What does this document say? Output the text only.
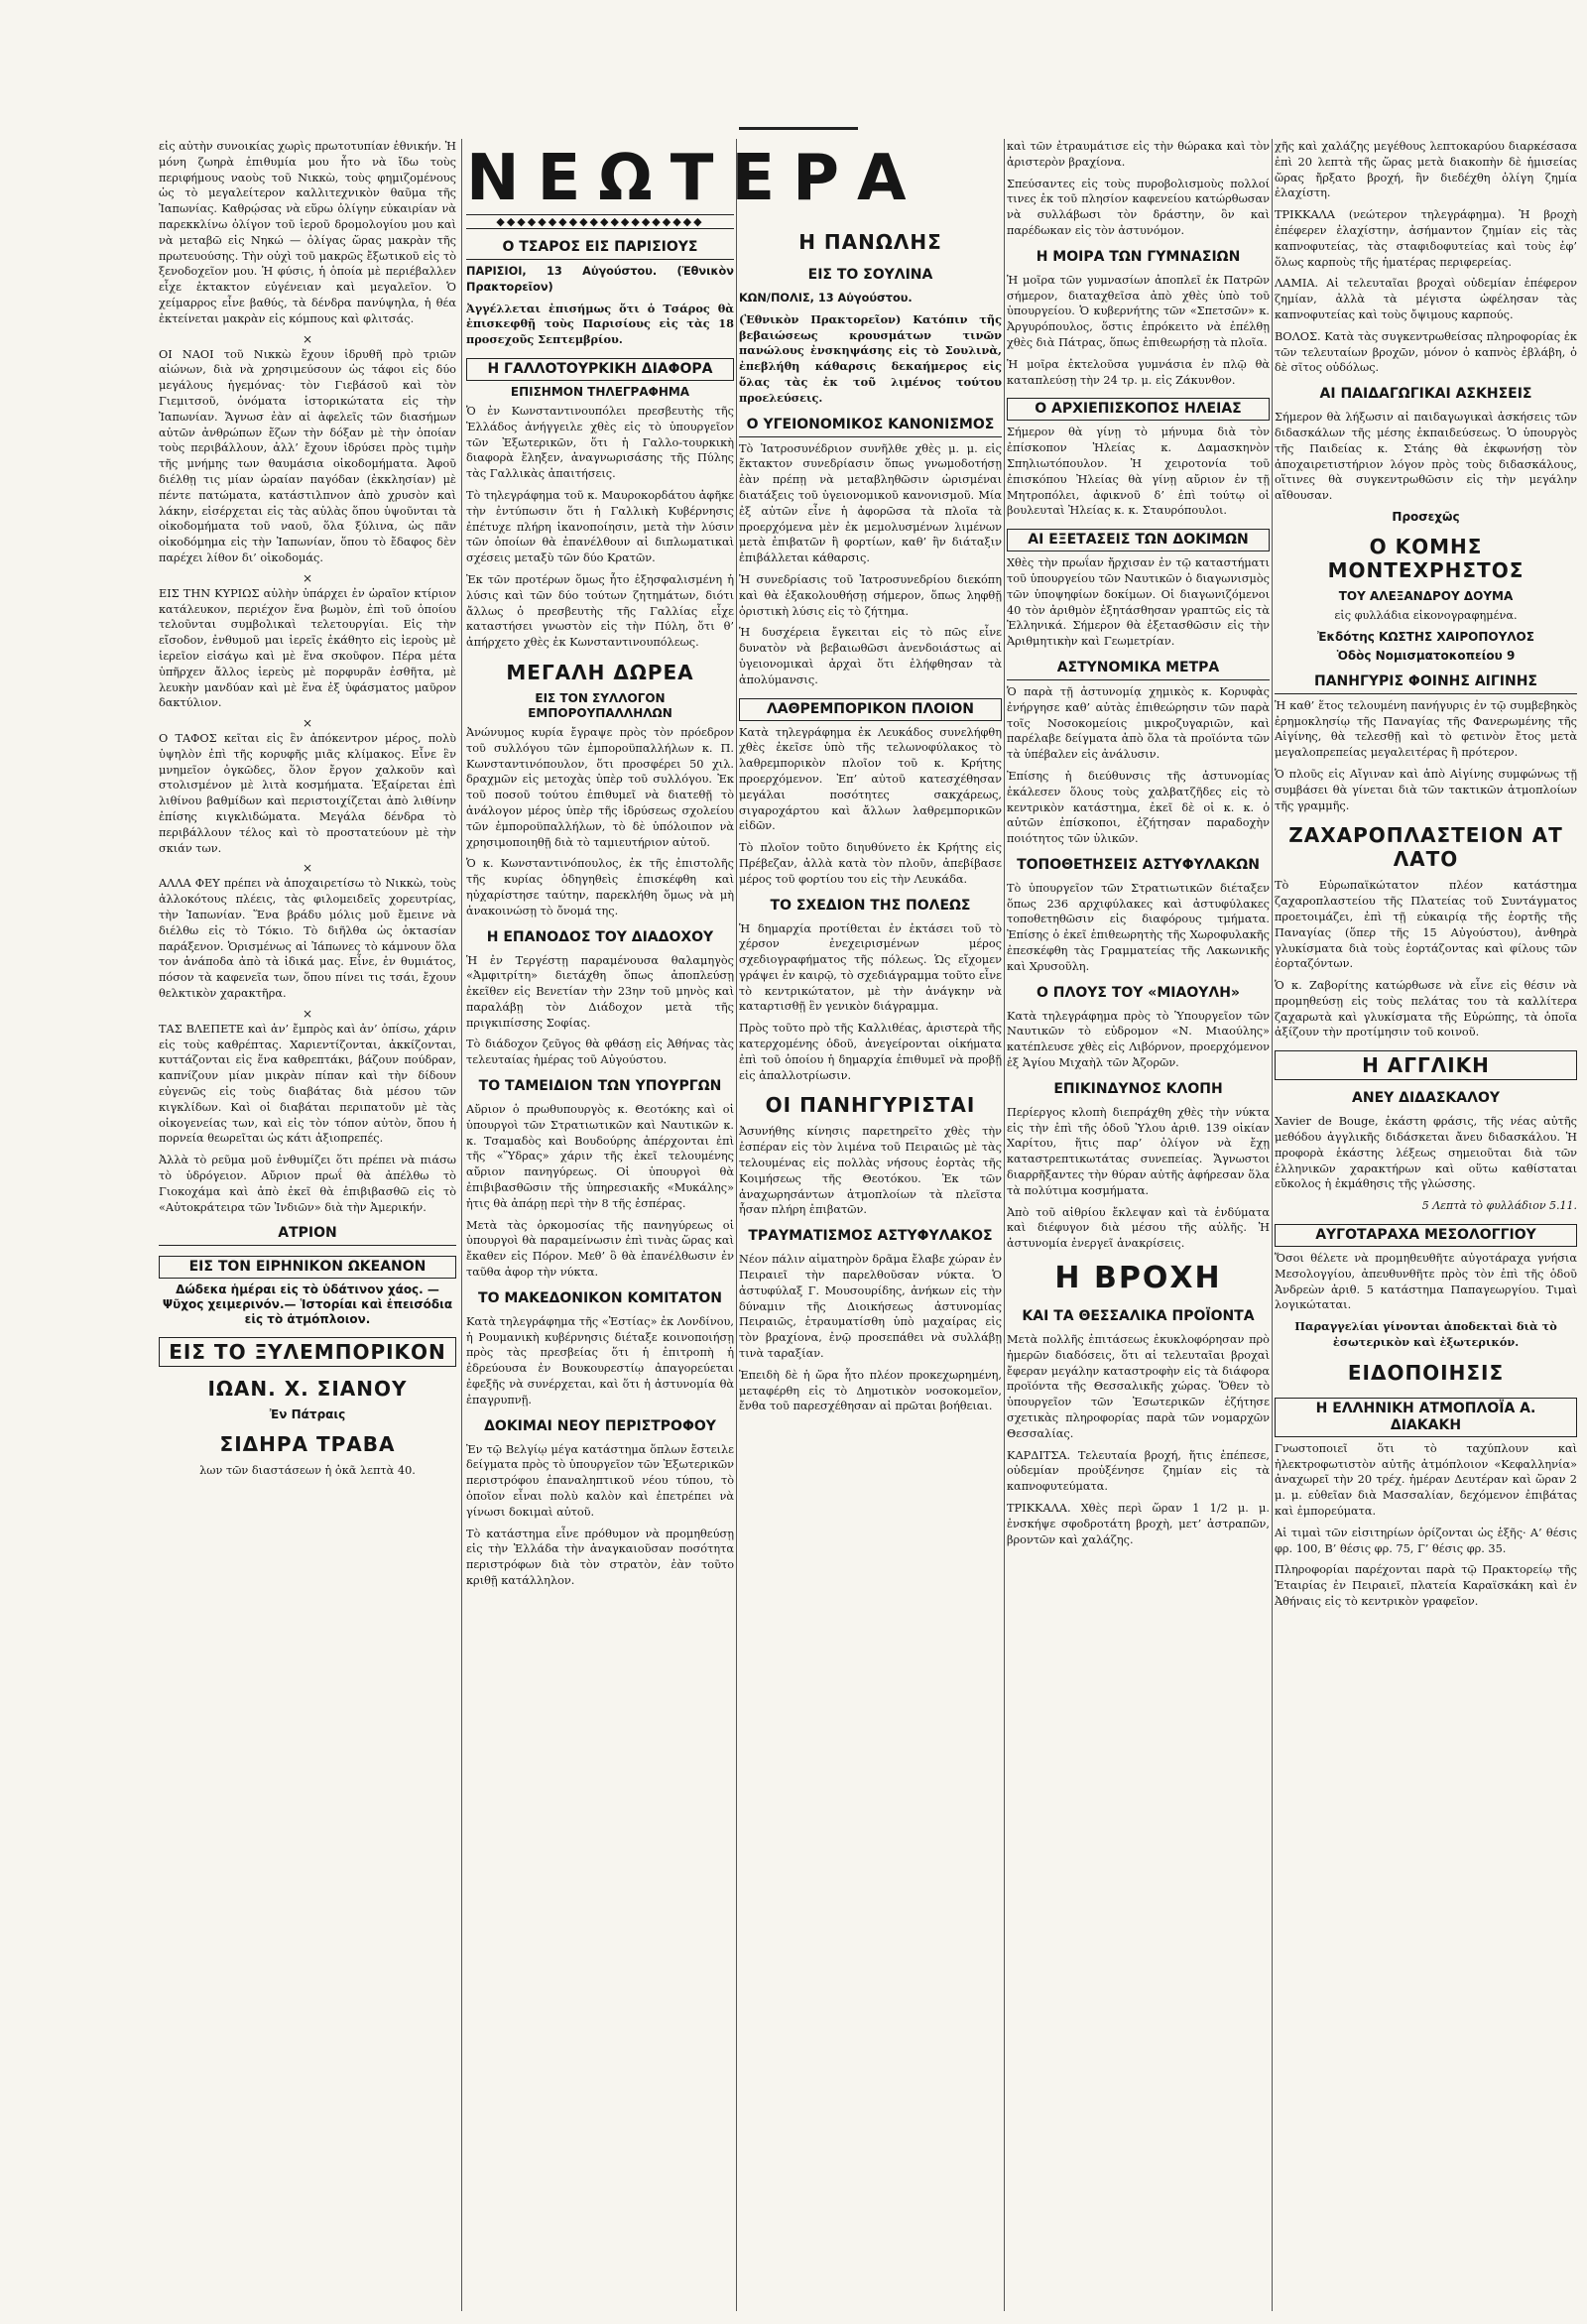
εἰς αὐτὴν συνοικίας χωρὶς πρωτοτυπίαν ἐθνικήν. Ἡ μόνη ζωηρὰ ἐπιθυμία μου ἦτο νὰ ἴδω τοὺς περιφήμους ναοὺς τοῦ Νικκὼ, τοὺς φημιζομένους ὡς τὸ μεγαλείτερον καλλιτεχνικὸν θαῦμα τῆς Ἰαπωνίας. Καθρῴσας νὰ εὕρω ὀλίγην εὐκαιρίαν νὰ παρεκκλίνω ὀλίγον τοῦ ἱεροῦ δρομολογίου μου καὶ νὰ μεταβῶ εἰς Νηκώ — ὀλίγας ὥρας μακρὰν τῆς πρωτευούσης. Τὴν οὐχὶ τοῦ μακρῶς ἔξωτικοῦ εἰς τὸ ξενοδοχεῖον μου. Ἡ φύσις, ἡ ὁποία μὲ περιέβαλλεν εἶχε ἐκτακτον εὐγένειαν καὶ μεγαλεῖον. Ὁ χείμαρρος εἶνε βαθύς, τὰ δένδρα πανύψηλα, ἡ θέα ἐκτείνεται μακρὰν εἰς κόμπους καὶ φλιτσάς.

×

ΟΙ ΝΑΟΙ τοῦ Νικκὼ ἔχουν ἱδρυθῆ πρὸ τριῶν αἰώνων, διὰ νὰ χρησιμεύσουν ὡς τάφοι εἰς δύο μεγάλους ἡγεμόνας· τὸν Γιεβάσοῦ καὶ τὸν Γιεμιτσοῦ, ὀνόματα ἱστορικώτατα εἰς τὴν Ἰαπωνίαν. Ἄγνωσ ἐὰν αἱ ἀφελεῖς τῶν διασήμων αὐτῶν ἀνθρώπων ἔζων τὴν δόξαν μὲ τὴν ὁποίαν τοὺς περιβάλλουν, ἀλλ’ ἔχουν ἱδρύσει πρὸς τιμὴν τῆς μνήμης των θαυμάσια οἰκοδομήματα. Ἀφοῦ διέλθῃ τις μίαν ὡραίαν παγόδαν (ἐκκλησίαν) μὲ πέντε πατώματα, κατάστιλπνον ἀπὸ χρυσὸν καὶ λάκην, εἰσέρχεται εἰς τὰς αὐλὰς ὅπου ὑψοῦνται τὰ οἰκοδομήματα τοῦ ναοῦ, ὅλα ξύλινα, ὡς πᾶν οἰκοδόμημα εἰς τὴν Ἰαπωνίαν, ὅπου τὸ ἔδαφος δὲν παρέχει λίθον δι’ οἰκοδομάς.

×

ΕΙΣ ΤΗΝ ΚΥΡΙΩΣ αὐλὴν ὑπάρχει ἐν ὡραῖον κτίριον κατάλευκον, περιέχον ἕνα βωμὸν, ἐπὶ τοῦ ὁποίου τελοῦνται συμβολικαὶ τελετουργίαι. Εἰς τὴν εἴσοδον, ἐνθυμοῦ μαι ἱερεῖς ἐκάθητο εἰς ἱεροὺς μὲ ἱερεῖον εἰσάγω καὶ μὲ ἕνα σκοῦφον. Πέρα μέτα ὑπῆρχεν ἄλλος ἱερεὺς μὲ πορφυρᾶν ἐσθῆτα, μὲ λευκὴν μανδύαν καὶ μὲ ἕνα ἐξ ὑφάσματος μαῦρον δακτύλιον.

×

Ο ΤΑΦΟΣ κεῖται εἰς ἓν ἀπόκεντρον μέρος, πολὺ ὑψηλὸν ἐπὶ τῆς κορυφῆς μιᾶς κλίμακος. Εἶνε ἓν μνημεῖον ὀγκῶδες, ὅλον ἔργον χαλκοῦν καὶ στολισμένον μὲ λιτὰ κοσμήματα. Ἐξαίρεται ἐπὶ λιθίνου βαθμίδων καὶ περιστοιχίζεται ἀπὸ λιθίνην ἐπίσης κιγκλιδώματα. Μεγάλα δένδρα τὸ περιβάλλουν τέλος καὶ τὸ προστατεύουν μὲ τὴν σκιάν των.

×

ΑΛΛΑ ΦΕΥ πρέπει νὰ ἀποχαιρετίσω τὸ Νικκὼ, τοὺς ἀλλοκότους πλέεις, τὰς φιλομειδεῖς χορευτρίας, τὴν Ἰαπωνίαν. Ἕνα βράδυ μόλις μοῦ ἔμεινε νὰ διέλθω εἰς τὸ Τόκιο. Τὸ διῆλθα ὡς ὀκτασίαν παράξενον. Ὁρισμένως αἱ Ἰάπωνες τὸ κάμνουν ὅλα τον ἀνάποδα ἀπὸ τὰ ἰδικά μας. Εἶνε, ἐν θυμιάτος, πόσον τὰ καφενεῖα των, ὅπου πίνει τις τσάι, ἔχουν θελκτικὸν χαρακτῆρα.

×

ΤΑΣ ΒΛΕΠΕΤΕ καὶ ἀν’ ἔμπρὸς καὶ ἀν’ ὀπίσω, χάριν εἰς τοὺς καθρέπτας. Χαριεντίζονται, ἀκκίζονται, κυττάζονται εἰς ἕνα καθρεπτάκι, βάζουν πούδραν, καπνίζουν μίαν μικρὰν πίπαν καὶ τὴν δίδουν εὐγενῶς εἰς τοὺς διαβάτας διὰ μέσου τῶν κιγκλίδων. Καὶ οἱ διαβάται περιπατοῦν μὲ τὰς οἰκογενείας των, καὶ εἰς τὸν τόπον αὐτὸν, ὅπου ἡ πορνεία θεωρεῖται ὡς κάτι ἀξιοπρεπές.

Ἀλλὰ τὸ ρεῦμα μοῦ ἐνθυμίζει ὅτι πρέπει νὰ πιάσω τὸ ὑδρόγειον. Αὔριον πρωΐ θὰ ἀπέλθω τὸ Γιοκοχάμα καὶ ἀπὸ ἐκεῖ θὰ ἐπιβιβασθῶ εἰς τὸ «Αὐτοκράτειρα τῶν Ἰνδιῶν» διὰ τὴν Ἀμερικήν.

ΑΤΡΙΟΝ
ΕΙΣ ΤΟΝ ΕΙΡΗΝΙΚΟΝ ΩΚΕΑΝΟΝ
Δώδεκα ἡμέραι εἰς τὸ ὑδάτινον χάος. —Ψῦχος χειμερινόν.— Ἱστορίαι καὶ ἐπεισόδια εἰς τὸ ἀτμόπλοιον.
ΕΙΣ ΤΟ ΞΥΛΕΜΠΟΡΙΚΟΝ
ΙΩΑΝ. Χ. ΣΙΑΝΟΥ
Ἐν Πάτραις
ΣΙΔΗΡΑ ΤΡΑΒΑ

λων τῶν διαστάσεων ἡ ὀκᾶ λεπτὰ 40.

ΝΕΩΤΕΡΑ
◆◆◆◆◆◆◆◆◆◆◆◆◆◆◆◆◆◆◆◆
Ο ΤΣΑΡΟΣ ΕΙΣ ΠΑΡΙΣΙΟΥΣ

ΠΑΡΙΣΙΟΙ, 13 Αὐγούστου. (Ἐθνικὸν Πρακτορεῖον)

Ἀγγέλλεται ἐπισήμως ὅτι ὁ Τσάρος θὰ ἐπισκεφθῇ τοὺς Παρισίους εἰς τὰς 18 προσεχοῦς Σεπτεμβρίου.

Η ΓΑΛΛΟΤΟΥΡΚΙΚΗ ΔΙΑΦΟΡΑ
ΕΠΙΣΗΜΟΝ ΤΗΛΕΓΡΑΦΗΜΑ

Ὁ ἐν Κωνσταντινουπόλει πρεσβευτὴς τῆς Ἑλλάδος ἀνήγγειλε χθὲς εἰς τὸ ὑπουργεῖον τῶν Ἐξωτερικῶν, ὅτι ἡ Γαλλο-τουρκικὴ διαφορὰ ἔληξεν, ἀναγνωρισάσης τῆς Πύλης τὰς Γαλλικὰς ἀπαιτήσεις.

Τὸ τηλεγράφημα τοῦ κ. Μαυροκορδάτου ἀφῆκε τὴν ἐντύπωσιν ὅτι ἡ Γαλλικὴ Κυβέρνησις ἐπέτυχε πλήρη ἱκανοποίησιν, μετὰ τὴν λύσιν τῶν ὁποίων θὰ ἐπανέλθουν αἱ διπλωματικαὶ σχέσεις μεταξὺ τῶν δύο Κρατῶν.

Ἐκ τῶν προτέρων ὅμως ἦτο ἐξησφαλισμένη ἡ λύσις καὶ τῶν δύο τούτων ζητημάτων, διότι ἄλλως ὁ πρεσβευτὴς τῆς Γαλλίας εἶχε καταστήσει γνωστὸν εἰς τὴν Πύλη, ὅτι θ’ ἀπήρχετο χθὲς ἐκ Κωνσταντινουπόλεως.

ΜΕΓΑΛΗ ΔΩΡΕΑ
ΕΙΣ ΤΟΝ ΣΥΛΛΟΓΟΝ ΕΜΠΟΡΟΥΠΑΛΛΗΛΩΝ

Ἀνώνυμος κυρία ἔγραψε πρὸς τὸν πρόεδρον τοῦ συλλόγου τῶν ἐμποροϋπαλλήλων κ. Π. Κωνσταντινόπουλον, ὅτι προσφέρει 50 χιλ. δραχμῶν εἰς μετοχὰς ὑπὲρ τοῦ συλλόγου. Ἐκ τοῦ ποσοῦ τούτου ἐπιθυμεῖ νὰ διατεθῇ τὸ ἀνάλογον μέρος ὑπὲρ τῆς ἱδρύσεως σχολείου τῶν ἐμποροϋπαλλήλων, τὸ δὲ ὑπόλοιπον νὰ χρησιμοποιηθῇ διὰ τὸ ταμιευτήριον αὐτοῦ.

Ὁ κ. Κωνσταντινόπουλος, ἐκ τῆς ἐπιστολῆς τῆς κυρίας ὁδηγηθεὶς ἐπισκέφθη καὶ ηὐχαρίστησε ταύτην, παρεκλήθη ὅμως νὰ μὴ ἀνακοινώσῃ τὸ ὄνομά της.

Η ΕΠΑΝΟΔΟΣ ΤΟΥ ΔΙΑΔΟΧΟΥ

Ἡ ἐν Τεργέστῃ παραμένουσα θαλαμηγὸς «Ἀμφιτρίτη» διετάχθη ὅπως ἀποπλεύσῃ ἐκεῖθεν εἰς Βενετίαν τὴν 23ην τοῦ μηνὸς καὶ παραλάβῃ τὸν Διάδοχον μετὰ τῆς πριγκιπίσσης Σοφίας.

Τὸ διάδοχον ζεῦγος θὰ φθάσῃ εἰς Ἀθήνας τὰς τελευταίας ἡμέρας τοῦ Αὐγούστου.

ΤΟ ΤΑΜΕΙΔΙΟΝ ΤΩΝ ΥΠΟΥΡΓΩΝ

Αὔριον ὁ πρωθυπουργὸς κ. Θεοτόκης καὶ οἱ ὑπουργοὶ τῶν Στρατιωτικῶν καὶ Ναυτικῶν κ. κ. Τσαμαδὸς καὶ Βουδούρης ἀπέρχονται ἐπὶ τῆς «Ὕδρας» χάριν τῆς ἐκεῖ τελουμένης αὔριον πανηγύρεως. Οἱ ὑπουργοὶ θὰ ἐπιβιβασθῶσιν τῆς ὑπηρεσιακῆς «Μυκάλης» ἡτις θὰ ἀπάρῃ περὶ τὴν 8 τῆς ἑσπέρας.

Μετὰ τὰς ὁρκομοσίας τῆς πανηγύρεως οἱ ὑπουργοὶ θὰ παραμείνωσιν ἐπὶ τινὰς ὥρας καὶ ἔκαθεν εἰς Πόρον. Μεθ’ ὃ θὰ ἐπανέλθωσιν ἐν ταῦθα ἀφορ τὴν νύκτα.

ΤΟ ΜΑΚΕΔΟΝΙΚΟΝ ΚΟΜΙΤΑΤΟΝ

Κατὰ τηλεγράφημα τῆς «Ἑστίας» ἐκ Λονδίνου, ἡ Ρουμανικὴ κυβέρνησις διέταξε κοινοποιήσῃ πρὸς τὰς πρεσβείας ὅτι ἡ ἐπιτροπὴ ἡ ἐδρεύουσα ἐν Βουκουρεστίῳ ἀπαγορεύεται ἐφεξῆς νὰ συνέρχεται, καὶ ὅτι ἡ ἀστυνομία θὰ ἐπαγρυπνῇ.

ΔΟΚΙΜΑΙ ΝΕΟΥ ΠΕΡΙΣΤΡΟΦΟΥ

Ἐν τῷ Βελγίῳ μέγα κατάστημα ὅπλων ἔστειλε δείγματα πρὸς τὸ ὑπουργεῖον τῶν Ἐξωτερικῶν περιστρόφου ἐπαναληπτικοῦ νέου τύπου, τὸ ὁποῖον εἶναι πολὺ καλὸν καὶ ἐπετρέπει νὰ γίνωσι δοκιμαὶ αὐτοῦ.

Τὸ κατάστημα εἶνε πρόθυμον νὰ προμηθεύσῃ εἰς τὴν Ἑλλάδα τὴν ἀναγκαιοῦσαν ποσότητα περιστρόφων διὰ τὸν στρατὸν, ἐὰν τοῦτο κριθῇ κατάλληλον.

Η ΠΑΝΩΛΗΣ
ΕΙΣ ΤΟ ΣΟΥΛΙΝΑ

ΚΩΝ/ΠΟΛΙΣ, 13 Αὐγούστου.

(Ἐθνικὸν Πρακτορεῖον) Κατόπιν τῆς βεβαιώσεως κρουσμάτων τινῶν πανώλους ἐνσκηψάσης εἰς τὸ Σουλινὰ, ἐπεβλήθη κάθαρσις δεκαήμερος εἰς ὅλας τὰς ἐκ τοῦ λιμένος τούτου προελεύσεις.

Ο ΥΓΕΙΟΝΟΜΙΚΟΣ ΚΑΝΟΝΙΣΜΟΣ

Τὸ Ἰατροσυνέδριον συνῆλθε χθὲς μ. μ. εἰς ἔκτακτον συνεδρίασιν ὅπως γνωμοδοτήσῃ ἐὰν πρέπῃ νὰ μεταβληθῶσιν ὡρισμέναι διατάξεις τοῦ ὑγειονομικοῦ κανονισμοῦ. Μία ἐξ αὐτῶν εἶνε ἡ ἀφορῶσα τὰ πλοῖα τὰ προερχόμενα μὲν ἐκ μεμολυσμένων λιμένων μετὰ ἐπιβατῶν ἢ φορτίων, καθ’ ἣν διάταξιν ἐπιβάλλεται κάθαρσις.

Ἡ συνεδρίασις τοῦ Ἰατροσυνεδρίου διεκόπη καὶ θὰ ἐξακολουθήσῃ σήμερον, ὅπως ληφθῇ ὁριστικὴ λύσις εἰς τὸ ζήτημα.

Ἡ δυσχέρεια ἔγκειται εἰς τὸ πῶς εἶνε δυνατὸν νὰ βεβαιωθῶσι ἀνενδοιάστως αἱ ὑγειονομικαὶ ἀρχαὶ ὅτι ἐλήφθησαν τὰ ἀπολύμανσις.

ΛΑΘΡΕΜΠΟΡΙΚΟΝ ΠΛΟΙΟΝ

Κατὰ τηλεγράφημα ἐκ Λευκάδος συνελήφθη χθὲς ἐκεῖσε ὑπὸ τῆς τελωνοφύλακος τὸ λαθρεμπορικὸν πλοῖον τοῦ κ. Κρήτης προερχόμενον. Ἐπ’ αὐτοῦ κατεσχέθησαν μεγάλαι ποσότητες σακχάρεως, σιγαροχάρτου καὶ ἄλλων λαθρεμπορικῶν εἰδῶν.

Τὸ πλοῖον τοῦτο διηυθύνετο ἐκ Κρήτης εἰς Πρέβεζαν, ἀλλὰ κατὰ τὸν πλοῦν, ἀπεβίβασε μέρος τοῦ φορτίου του εἰς τὴν Λευκάδα.

ΤΟ ΣΧΕΔΙΟΝ ΤΗΣ ΠΟΛΕΩΣ

Ἡ δημαρχία προτίθεται ἐν ἐκτάσει τοῦ τὸ χέρσον ἐνεχειρισμένων μέρος σχεδιογραφήματος τῆς πόλεως. Ὡς εἴχομεν γράψει ἐν καιρῷ, τὸ σχεδιάγραμμα τοῦτο εἶνε τὸ κεντρικώτατον, μὲ τὴν ἀνάγκην νὰ καταρτισθῇ ἓν γενικὸν διάγραμμα.

Πρὸς τοῦτο πρὸ τῆς Καλλιθέας, ἀριστερὰ τῆς κατερχομένης ὁδοῦ, ἀνεγείρονται οἰκήματα ἐπὶ τοῦ ὁποίου ἡ δημαρχία ἐπιθυμεῖ νὰ προβῇ εἰς ἀπαλλοτρίωσιν.

ΟΙ ΠΑΝΗΓΥΡΙΣΤΑΙ

Ἀσυνήθης κίνησις παρετηρεῖτο χθὲς τὴν ἑσπέραν εἰς τὸν λιμένα τοῦ Πειραιῶς μὲ τὰς τελουμένας εἰς πολλὰς νήσους ἑορτὰς τῆς Κοιμήσεως τῆς Θεοτόκου. Ἐκ τῶν ἀναχωρησάντων ἀτμοπλοίων τὰ πλεῖστα ἦσαν πλήρη ἐπιβατῶν.

ΤΡΑΥΜΑΤΙΣΜΟΣ ΑΣΤΥΦΥΛΑΚΟΣ

Νέον πάλιν αἱματηρὸν δρᾶμα ἔλαβε χώραν ἐν Πειραιεῖ τὴν παρελθοῦσαν νύκτα. Ὁ ἀστυφύλαξ Γ. Μουσουρίδης, ἀνήκων εἰς τὴν δύναμιν τῆς Διοικήσεως ἀστυνομίας Πειραιῶς, ἐτραυματίσθη ὑπὸ μαχαίρας εἰς τὸν βραχίονα, ἐνῷ προσεπάθει νὰ συλλάβῃ τινὰ ταραξίαν.

Ἐπειδὴ δὲ ἡ ὥρα ἦτο πλέον προκεχωρημένη, μεταφέρθη εἰς τὸ Δημοτικὸν νοσοκομεῖον, ἔνθα τοῦ παρεσχέθησαν αἱ πρῶται βοήθειαι.

καὶ τῶν ἐτραυμάτισε εἰς τὴν θώρακα καὶ τὸν ἀριστερὸν βραχίονα.

Σπεύσαντες εἰς τοὺς πυροβολισμοὺς πολλοί τινες ἐκ τοῦ πλησίον καφενείου κατώρθωσαν νὰ συλλάβωσι τὸν δράστην, ὃν καὶ παρέδωκαν εἰς τὸν ἀστυνόμον.

Η ΜΟΙΡΑ ΤΩΝ ΓΥΜΝΑΣΙΩΝ

Ἡ μοῖρα τῶν γυμνασίων ἀποπλεῖ ἐκ Πατρῶν σήμερον, διαταχθεῖσα ἀπὸ χθὲς ὑπὸ τοῦ ὑπουργείου. Ὁ κυβερνήτης τῶν «Σπετσῶν» κ. Ἀργυρόπουλος, ὅστις ἐπρόκειτο νὰ ἐπέλθῃ χθὲς διὰ Πάτρας, ὅπως ἐπιθεωρήσῃ τὰ πλοῖα.

Ἡ μοῖρα ἐκτελοῦσα γυμνάσια ἐν πλῷ θὰ καταπλεύσῃ τὴν 24 τρ. μ. εἰς Ζάκυνθον.

Ο ΑΡΧΙΕΠΙΣΚΟΠΟΣ ΗΛΕΙΑΣ

Σήμερον θὰ γίνῃ τὸ μήνυμα διὰ τὸν ἐπίσκοπον Ἠλείας κ. Δαμασκηνὸν Σπηλιωτόπουλον. Ἡ χειροτονία τοῦ ἐπισκόπου Ἠλείας θὰ γίνῃ αὔριον ἐν τῇ Μητροπόλει, ἀφικνοῦ δ’ ἐπὶ τούτῳ οἱ βουλευταὶ Ἠλείας κ. κ. Σταυρόπουλοι.

ΑΙ ΕΞΕΤΑΣΕΙΣ ΤΩΝ ΔΟΚΙΜΩΝ

Χθὲς τὴν πρωΐαν ἤρχισαν ἐν τῷ καταστήματι τοῦ ὑπουργείου τῶν Ναυτικῶν ὁ διαγωνισμὸς τῶν ὑποψηφίων δοκίμων. Οἱ διαγωνιζόμενοι 40 τὸν ἀριθμὸν ἐξητάσθησαν γραπτῶς εἰς τὰ Ἑλληνικά. Σήμερον θὰ ἐξετασθῶσιν εἰς τὴν Ἀριθμητικὴν καὶ Γεωμετρίαν.

ΑΣΤΥΝΟΜΙΚΑ ΜΕΤΡΑ

Ὁ παρὰ τῇ ἀστυνομίᾳ χημικὸς κ. Κορυφὰς ἐνήργησε καθ’ αὐτὰς ἐπιθεώρησιν τῶν παρὰ τοῖς Νοσοκομείοις μικροζυγαριῶν, καὶ παρέλαβε δείγματα ἀπὸ ὅλα τὰ προϊόντα τῶν τὰ ὑπέβαλεν εἰς ἀνάλυσιν.

Ἐπίσης ἡ διεύθυνσις τῆς ἀστυνομίας ἐκάλεσεν ὅλους τοὺς χαλβατζῆδες εἰς τὸ κεντρικὸν κατάστημα, ἐκεῖ δὲ οἱ κ. κ. ὁ αὐτῶν ἐπίσκοποι, ἐζήτησαν παραδοχὴν ποιότητος τῶν ὑλικῶν.

ΤΟΠΟΘΕΤΗΣΕΙΣ ΑΣΤΥΦΥΛΑΚΩΝ

Τὸ ὑπουργεῖον τῶν Στρατιωτικῶν διέταξεν ὅπως 236 αρχιφύλακες καὶ ἀστυφύλακες τοποθετηθῶσιν εἰς διαφόρους τμήματα. Ἐπίσης ὁ ἐκεῖ ἐπιθεωρητὴς τῆς Χωροφυλακῆς ἐπεσκέφθη τὰς Γραμματείας τῆς Λακωνικῆς καὶ Χρυσοῦλη.

Ο ΠΛΟΥΣ ΤΟΥ «ΜΙΑΟΥΛΗ»

Κατὰ τηλεγράφημα πρὸς τὸ Ὑπουργεῖον τῶν Ναυτικῶν τὸ εὐδρομον «Ν. Μιαούλης» κατέπλευσε χθὲς εἰς Λιβόρνον, προερχόμενον ἐξ Ἁγίου Μιχαὴλ τῶν Ἀζορῶν.

ΕΠΙΚΙΝΔΥΝΟΣ ΚΛΟΠΗ

Περίεργος κλοπὴ διεπράχθη χθὲς τὴν νύκτα εἰς τὴν ἐπὶ τῆς ὁδοῦ Ὑλου ἀριθ. 139 οἰκίαν Χαρίτου, ἥτις παρ’ ὀλίγον νὰ ἔχῃ καταστρεπτικωτάτας συνεπείας. Ἄγνωστοι διαρρῆξαντες τὴν θύραν αὐτῆς ἀφήρεσαν ὅλα τὰ πολύτιμα κοσμήματα.

Ἀπὸ τοῦ αἰθρίου ἔκλεψαν καὶ τὰ ἐνδύματα καὶ διέφυγον διὰ μέσου τῆς αὐλῆς. Ἡ ἀστυνομία ἐνεργεῖ ἀνακρίσεις.

Η ΒΡΟΧΗ
ΚΑΙ ΤΑ ΘΕΣΣΑΛΙΚΑ ΠΡΟΪΟΝΤΑ

Μετὰ πολλῆς ἐπιτάσεως ἐκυκλοφόρησαν πρὸ ἡμερῶν διαδόσεις, ὅτι αἱ τελευταῖαι βροχαὶ ἔφεραν μεγάλην καταστροφὴν εἰς τὰ διάφορα προϊόντα τῆς Θεσσαλικῆς χώρας. Ὅθεν τὸ ὑπουργεῖον τῶν Ἐσωτερικῶν ἐζήτησε σχετικὰς πληροφορίας παρὰ τῶν νομαρχῶν Θεσσαλίας.

ΚΑΡΔΙΤΣΑ. Τελευταία βροχή, ἥτις ἐπέπεσε, οὐδεμίαν προὐξένησε ζημίαν εἰς τὰ καπνοφυτεύματα.

ΤΡΙΚΚΑΛΑ. Χθὲς περὶ ὥραν 1 1/2 μ. μ. ἐνσκήψε σφοδροτάτη βροχὴ, μετ’ ἀστραπῶν, βροντῶν καὶ χαλάζης.

χῆς καὶ χαλάζης μεγέθους λεπτοκαρύου διαρκέσασα ἐπὶ 20 λεπτὰ τῆς ὥρας μετὰ διακοπὴν δὲ ἡμισείας ὥρας ἤρξατο βροχή, ἣν διεδέχθη ὀλίγη ζημία ἐλαχίστη.

ΤΡΙΚΚΑΛΑ (νεώτερον τηλεγράφημα). Ἡ βροχὴ ἐπέφερεν ἐλαχίστην, ἀσήμαντον ζημίαν εἰς τὰς καπνοφυτείας, τὰς σταφιδοφυτείας καὶ τοὺς ἐφ’ ὅλως καρποὺς τῆς ἠματέρας περιφερείας.

ΛΑΜΙΑ. Αἱ τελευταῖαι βροχαὶ οὐδεμίαν ἐπέφερον ζημίαν, ἀλλὰ τὰ μέγιστα ὠφέλησαν τὰς καπνοφυτείας καὶ τοὺς ὄψιμους καρπούς.

ΒΟΛΟΣ. Κατὰ τὰς συγκεντρωθείσας πληροφορίας ἐκ τῶν τελευταίων βροχῶν, μόνον ὁ καπνὸς ἐβλάβη, ὁ δὲ σῖτος οὐδόλως.

ΑΙ ΠΑΙΔΑΓΩΓΙΚΑΙ ΑΣΚΗΣΕΙΣ

Σήμερον θὰ λήξωσιν αἱ παιδαγωγικαὶ ἀσκήσεις τῶν διδασκάλων τῆς μέσης ἐκπαιδεύσεως. Ὁ ὑπουργὸς τῆς Παιδείας κ. Στάης θὰ ἐκφωνήσῃ τὸν ἀποχαιρετιστήριον λόγον πρὸς τοὺς διδασκάλους, οἵτινες θὰ συγκεντρωθῶσιν εἰς τὴν μεγάλην αἴθουσαν.

Προσεχῶς
Ο ΚΟΜΗΣ ΜΟΝΤΕΧΡΗΣΤΟΣ
ΤΟΥ ΑΛΕΞΑΝΔΡΟΥ ΔΟΥΜΑ

εἰς φυλλάδια εἰκονογραφημένα.

Ἐκδότης ΚΩΣΤΗΣ ΧΑΙΡΟΠΟΥΛΟΣ
Ὁδὸς Νομισματοκοπείου 9
ΠΑΝΗΓΥΡΙΣ ΦΟΙΝΗΣ ΑΙΓΙΝΗΣ

Ἡ καθ’ ἕτος τελουμένη πανήγυρις ἐν τῷ συμβεβηκὸς ἐρημοκλησίῳ τῆς Παναγίας τῆς Φανερωμένης τῆς Αἰγίνης, θὰ τελεσθῇ καὶ τὸ φετινὸν ἔτος μετὰ μεγαλοπρεπείας μεγαλειτέρας ἢ πρότερον.

Ὁ πλοῦς εἰς Αἴγιναν καὶ ἀπὸ Αἰγίνης συμφώνως τῇ συμβάσει θὰ γίνεται διὰ τῶν τακτικῶν ἀτμοπλοίων τῆς γραμμῆς.

ΖΑΧΑΡΟΠΛΑΣΤΕΙΟΝ ΑΤ ΛΑΤΟ

Τὸ Εὐρωπαϊκώτατον πλέον κατάστημα ζαχαροπλαστείου τῆς Πλατείας τοῦ Συντάγματος προετοιμάζει, ἐπὶ τῇ εὐκαιρίᾳ τῆς ἑορτῆς τῆς Παναγίας (ὅπερ τῆς 15 Αὐγούστου), ἀνθηρὰ γλυκίσματα διὰ τοὺς ἑορτάζοντας καὶ φίλους τῶν ἑορταζόντων.

Ὁ κ. Ζαβορίτης κατώρθωσε νὰ εἶνε εἰς θέσιν νὰ προμηθεύσῃ εἰς τοὺς πελάτας του τὰ καλλίτερα ζαχαρωτὰ καὶ γλυκίσματα τῆς Εὐρώπης, τὰ ὁποῖα ἀξίζουν τὴν προτίμησιν τοῦ κοινοῦ.

Η ΑΓΓΛΙΚΗ
ΑΝΕΥ ΔΙΔΑΣΚΑΛΟΥ

Xavier de Bouge, ἐκάστη φράσις, τῆς νέας αὐτῆς μεθόδου ἀγγλικῆς διδάσκεται ἄνευ διδασκάλου. Ἡ προφορὰ ἑκάστης λέξεως σημειοῦται διὰ τῶν ἑλληνικῶν χαρακτήρων καὶ οὕτω καθίσταται εὔκολος ἡ ἐκμάθησις τῆς γλώσσης.

5 Λεπτὰ τὸ φυλλάδιον 5.11.

ΑΥΓΟΤΑΡΑΧΑ ΜΕΣΟΛΟΓΓΙΟΥ

Ὅσοι θέλετε νὰ προμηθευθῆτε αὐγοτάραχα γνήσια Μεσολογγίου, ἀπευθυνθῆτε πρὸς τὸν ἐπὶ τῆς ὁδοῦ Ἀνδρεὼν ἀριθ. 5 κατάστημα Παπαγεωργίου. Τιμαὶ λογικώταται.

Παραγγελίαι γίνονται ἀποδεκταὶ διὰ τὸ ἐσωτερικὸν καὶ ἐξωτερικόν.

ΕΙΔΟΠΟΙΗΣΙΣ
Η ΕΛΛΗΝΙΚΗ ΑΤΜΟΠΛΟΪΑ Α. ΔΙΑΚΑΚΗ

Γνωστοποιεῖ ὅτι τὸ ταχύπλουν καὶ ἠλεκτροφωτιστὸν αὐτῆς ἀτμόπλοιον «Κεφαλληνία» ἀναχωρεῖ τὴν 20 τρέχ. ἡμέραν Δευτέραν καὶ ὥραν 2 μ. μ. εὐθεῖαν διὰ Μασσαλίαν, δεχόμενον ἐπιβάτας καὶ ἐμπορεύματα.

Αἱ τιμαὶ τῶν εἰσιτηρίων ὁρίζονται ὡς ἑξῆς· Α’ θέσις φρ. 100, Β’ θέσις φρ. 75, Γ’ θέσις φρ. 35.

Πληροφορίαι παρέχονται παρὰ τῷ Πρακτορείῳ τῆς Ἑταιρίας ἐν Πειραιεῖ, πλατεία Καραϊσκάκη καὶ ἐν Ἀθήναις εἰς τὸ κεντρικὸν γραφεῖον.
